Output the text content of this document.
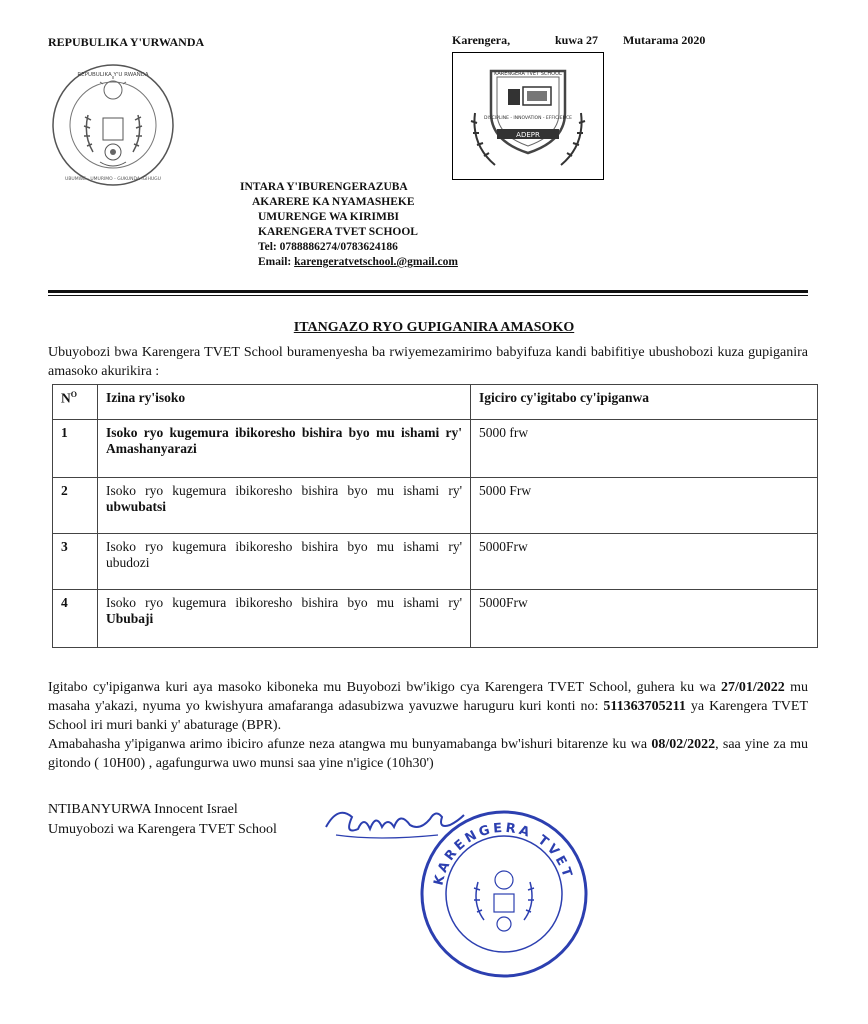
REPUBULIKA Y'URWANDA	Karengera,	kuwa 27 Mutarama 2020
REPUBULIKA Y'U RWANDA
UBUMWE - UMURIMO - GUKUNDA IGIHUGU
KARENGERA TVET SCHOOL
DISCIPLINE - INNOVATION - EFFICIENCE
ADEPR
INTARA Y'IBURENGERAZUBA
AKARERE KA NYAMASHEKE
UMURENGE WA KIRIMBI
KARENGERA TVET SCHOOL
Tel: 0788886274/0783624186
Email: karengeratvetschool.@gmail.com
ITANGAZO RYO GUPIGANIRA AMASOKO
Ubuyobozi bwa Karengera TVET School buramenyesha ba rwiyemezamirimo babyifuza kandi babifitiye ubushobozi kuza gupiganira amasoko akurikira :
$N^O$	Izina ry'isoko	Igiciro cy'igitabo cy'ipiganwa
1	Isoko ryo kugemura ibikoresho bishira byo mu ishami ry' Amashanyarazi	5000 frw
2	Isoko ryo kugemura ibikoresho bishira byo mu ishami ry' ubwubatsi	5000 Frw
3	Isoko ryo kugemura ibikoresho bishira byo mu ishami ry' ubudozi	5000Frw
4	Isoko ryo kugemura ibikoresho bishira byo mu ishami ry' Ububaji	5000Frw
Igitabo cy'ipiganwa kuri aya masoko kiboneka mu Buyobozi bw'ikigo cya Karengera TVET School, guhera ku wa 27/01/2022 mu masaha y'akazi, nyuma yo kwishyura amafaranga adasubizwa yavuzwe haruguru kuri konti no: 511363705211 ya Karengera TVET School iri muri banki y' abaturage (BPR).
Amabahasha y'ipiganwa arimo ibiciro afunze neza atangwa mu bunyamabanga bw'ishuri bitarenze ku wa 08/02/2022, saa yine za mu gitondo ( 10H00) , agafungurwa uwo munsi saa yine n'igice (10h30')
NTIBANYURWA Innocent Israel
Umuyobozi wa Karengera TVET School
KARENGERA TVET
